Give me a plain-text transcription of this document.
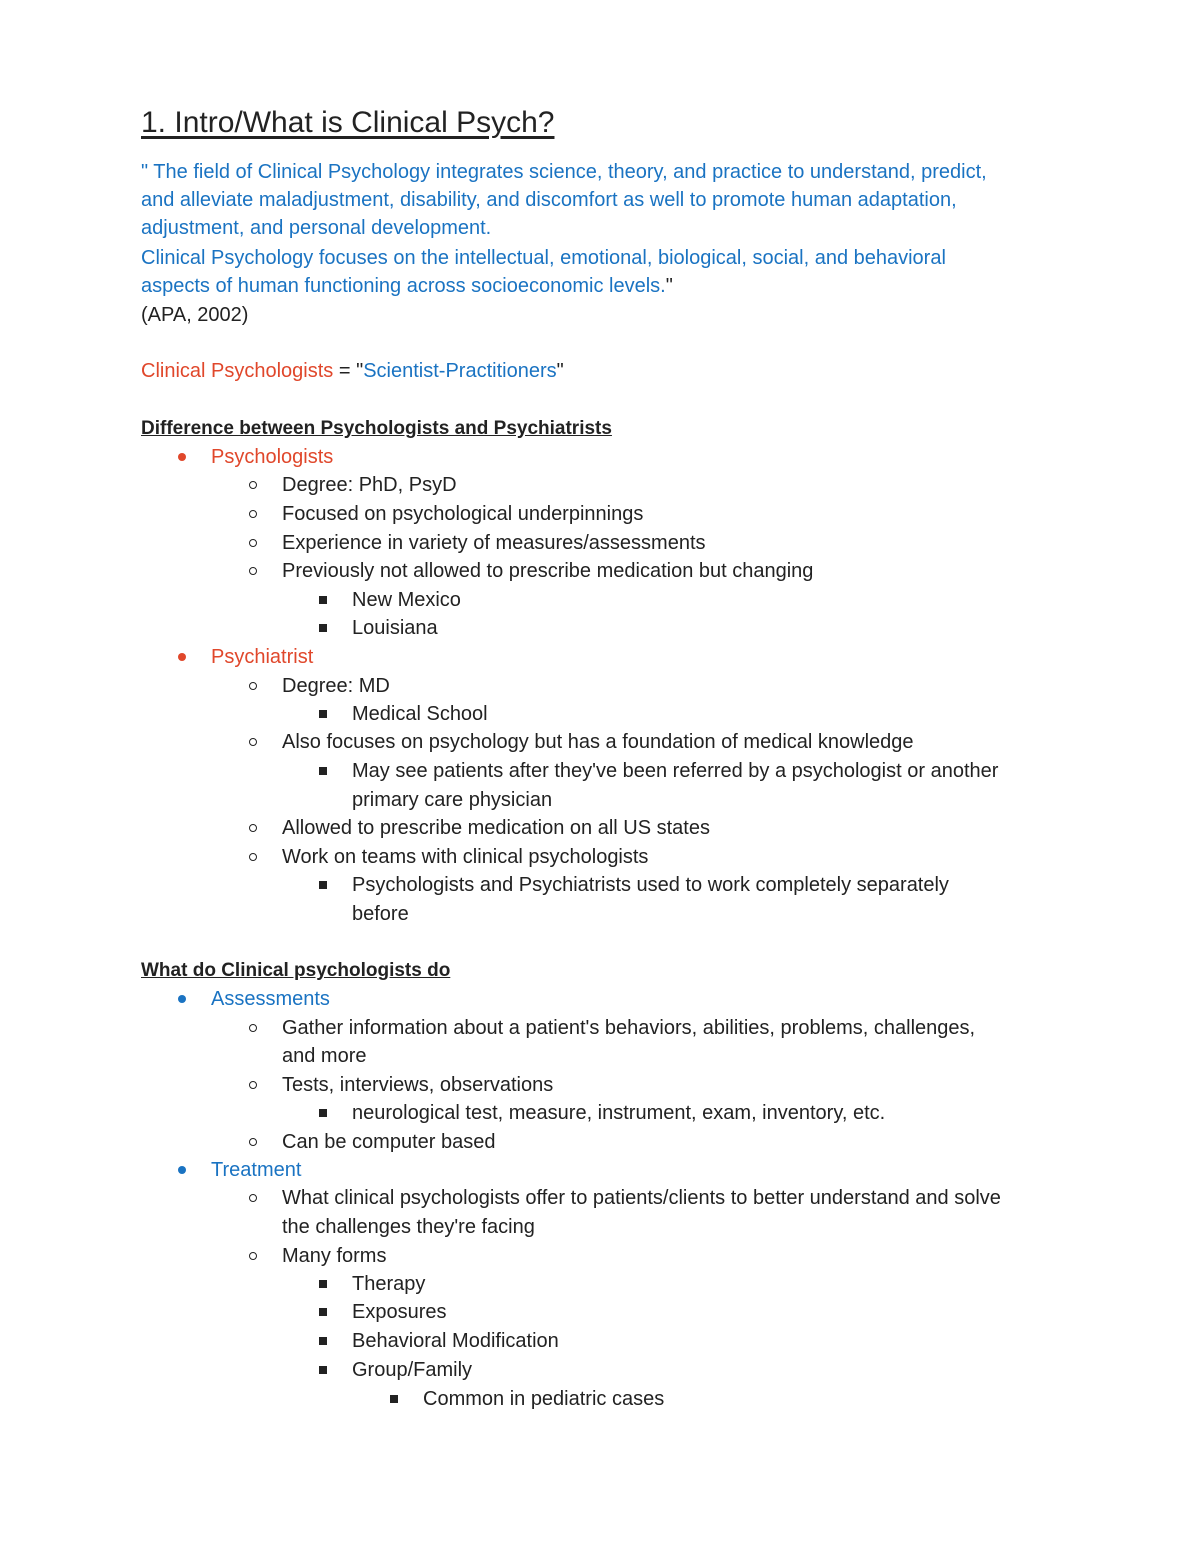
1. Intro/What is Clinical Psych?
" The field of Clinical Psychology integrates science, theory, and practice to understand, predict,
and alleviate maladjustment, disability, and discomfort as well to promote human adaptation,
adjustment, and personal development.
Clinical Psychology focuses on the intellectual, emotional, biological, social, and behavioral
aspects of human functioning across socioeconomic levels."
(APA, 2002)
Clinical Psychologists = "Scientist-Practitioners"
Difference between Psychologists and Psychiatrists
Psychologists
Degree: PhD, PsyD
Focused on psychological underpinnings
Experience in variety of measures/assessments
Previously not allowed to prescribe medication but changing
New Mexico
Louisiana
Psychiatrist
Degree: MD
Medical School
Also focuses on psychology but has a foundation of medical knowledge
May see patients after they've been referred by a psychologist or another
primary care physician
Allowed to prescribe medication on all US states
Work on teams with clinical psychologists
Psychologists and Psychiatrists used to work completely separately
before
What do Clinical psychologists do
Assessments
Gather information about a patient's behaviors, abilities, problems, challenges,
and more
Tests, interviews, observations
neurological test, measure, instrument, exam, inventory, etc.
Can be computer based
Treatment
What clinical psychologists offer to patients/clients to better understand and solve
the challenges they're facing
Many forms
Therapy
Exposures
Behavioral Modification
Group/Family
Common in pediatric cases
